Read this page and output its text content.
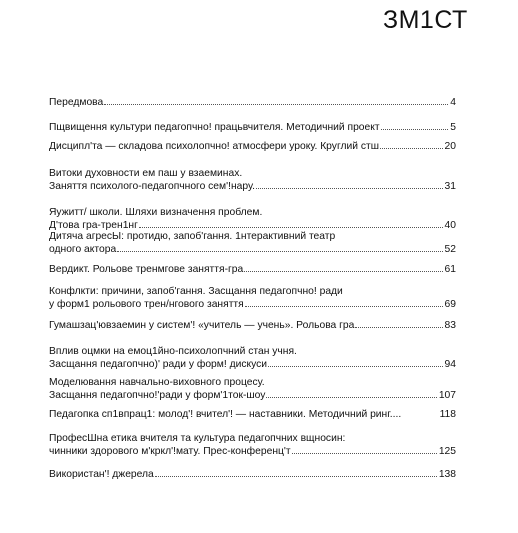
ЗМ1СТ
Передмова	4
Пщвищення культури педагопчно! працьвчителя. Методичний проект	5
Дисципл'та — складова психолопчно! атмосфери уроку. Круглий стш	20
Витоки духовности ем паш у взаеминах.
Заняття психолого-педагопчного сем'!нару.	31
Яужитт/ школи. Шляхи визначення проблем.
Д'това гра-трен1нг	40
Дитяча агресЫ: протидю, запоб'гання. 1нтерактивний театр
одного актора	52
Вердикт. Рольове тренмгове заняття-гра	61
Конфлкти: причини, запоб'гання. Засщання педагопчно! ради
у форм1 рольового трен/нгового заняття	69
Гумашзац'ювзаемин у систем'! «учитель — учень». Рольова гра	83
Вплив оцмки на емоц1йно-психолопчний стан учня.
Засщання педагопчно)' ради у форм! дискуси	94
Моделювання навчально-виховного процесу.
Засщання педагопчно!'ради у форм'1ток-шоу	107
Педагопка сп1впрац1: молод'! вчител'! — наставники. Методичний ринг....	118
ПрофесШна етика вчителя та культура педагопчних вщносин:
чинники здорового м'кркл'!мату. Прес-конференц'т	125
Використан'! джерела	138
